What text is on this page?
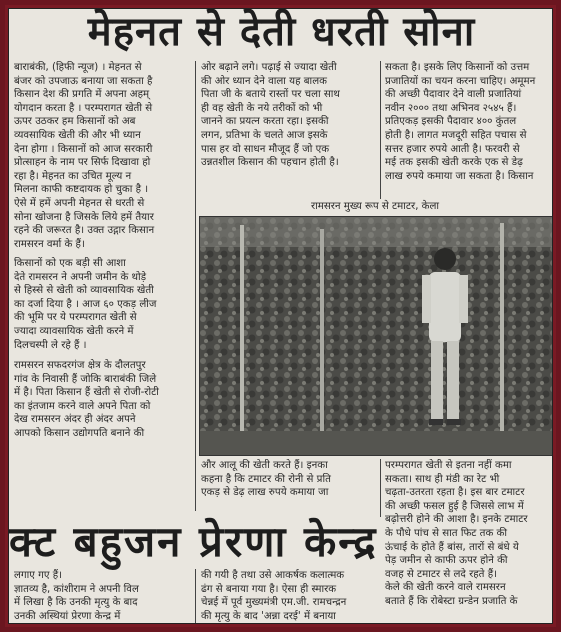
मेहनत से देती धरती सोना
बाराबंकी, (हिफी न्यूज) । मेहनत से
बंजर को उपजाऊ बनाया जा सकता है
किसान देश की प्रगति में अपना अहम्
योगदान करता है । परम्परागत खेती से
ऊपर उठकर हम किसानों को अब
व्यवसायिक खेती की और भी ध्यान
देना होगा । किसानों को आज सरकारी
प्रोत्साहन के नाम पर सिर्फ दिखावा हो
रहा है। मेहनत का उचित मूल्य न
मिलना काफी कष्टदायक हो चुका है ।
ऐसे में हमें अपनी मेहनत से धरती से
सोना खोजना है जिसके लिये हमें तैयार
रहने की जरूरत है। उक्त उद्गार किसान
रामसरन वर्मा के हैं।
किसानों को एक बड़ी सी आशा
देते रामसरन ने अपनी जमीन के थोड़े
से हिस्से से खेती को व्यावसायिक खेती
का दर्जा दिया है । आज ६० एकड़ लीज
की भूमि पर ये परम्परागत खेती से
ज्यादा व्यावसायिक खेती करने में
दिलचस्पी ले रहे हैं ।
रामसरन सफदरगंज क्षेत्र के दौलतपुर
गांव के निवासी हैं जोकि बाराबंकी जिले
में है। पिता किसान हैं खेती से रोजी-रोटी
का इंतजाम करने वाले अपने पिता को
देख रामसरन अंदर ही अंदर अपने
आपको किसान उद्योगपति बनाने की
ओर बढ़ाने लगे। पढ़ाई से ज्यादा खेती
की ओर ध्यान देने वाला यह बालक
पिता जी के बताये रास्तों पर चला साथ
ही वह खेती के नये तरीकों को भी
जानने का प्रयत्न करता रहा। इसकी
लगन, प्रतिभा के चलते आज इसके
पास हर वो साधन मौजूद हैं जो एक
उन्नतशील किसान की पहचान होती है।
सकता है। इसके लिए किसानों को उत्तम
प्रजातियों का चयन करना चाहिए। अमूमन
की अच्छी पैदावार देने वाली प्रजातियां
नवीन २००० तथा अभिनव २५४५ हैं।
प्रतिएकड़ इसकी पैदावार ४०० कुंतल
होती है। लागत मजदूरी सहित पचास से
सत्तर हजार रुपये आती है। फरवरी से
मई तक इसकी खेती करके एक से डेढ़
लाख रुपये कमाया जा सकता है। किसान
रामसरन मुख्य रूप से टमाटर, केला
और आलू की खेती करते हैं। इनका
कहना है कि टमाटर की रोनी से प्रति
एकड़ से डेढ़ लाख रुपये कमाया जा
परम्परागत खेती से इतना नहीं कमा
सकता। साथ ही मंडी का रेट भी
चढ़ता-उतरता रहता है। इस बार टमाटर
की अच्छी फसल हुई है जिससे लाभ में
बढ़ोत्तरी होने की आशा है। इनके टमाटर
के पौधे पांच से सात फिट तक की
ऊंचाई के होते हैं बांस, तारों से बंधे ये
पेड़ जमीन से काफी ऊपर होने की
वजह से टमाटर से लदे रहते हैं।
केले की खेती करने वाले रामसरन
बताते हैं कि रोबेस्टा ग्रन्डेन प्रजाति के
क्ट बहुजन प्रेरणा केन्द्र
लगाए गए हैं।
ज्ञातव्य है, कांशीराम ने अपनी विल
में लिखा है कि उनकी मृत्यु के बाद
उनकी अस्थियां प्रेरणा केन्द्र में
की गयी है तथा उसे आकर्षक कलात्मक
ढंग से बनाया गया है। ऐसा ही स्मारक
चेन्नई में पूर्व मुख्यमंत्री एम.जी. रामचन्द्रन
की मृत्यु के बाद 'अन्ना दरई' में बनाया
